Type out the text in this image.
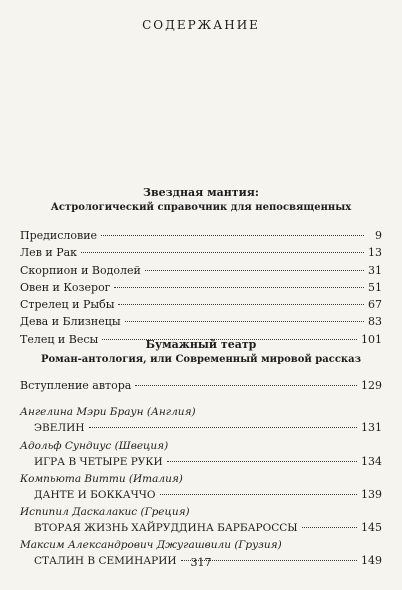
СОДЕРЖАНИЕ
Звездная мантия:
Астрологический справочник для непосвященных
Предисловие	9
Лев и Рак	13
Скорпион и Водолей	31
Овен и Козерог	51
Стрелец и Рыбы	67
Дева и Близнецы	83
Телец и Весы	101
Бумажный театр
Роман-антология, или Современный мировой рассказ
Вступление автора	129
Ангелина Мэри Браун (Англия)
ЭВЕЛИН	131
Адольф Сундиус (Швеция)
ИГРА В ЧЕТЫРЕ РУКИ	134
Компьюта Витти (Италия)
ДАНТЕ И БОККАЧЧО	139
Испипил Даскалакис (Греция)
ВТОРАЯ ЖИЗНЬ ХАЙРУДДИНА БАРБАРОССЫ	145
Максим Александрович Джугашвили (Грузия)
СТАЛИН В СЕМИНАРИИ	149
317
